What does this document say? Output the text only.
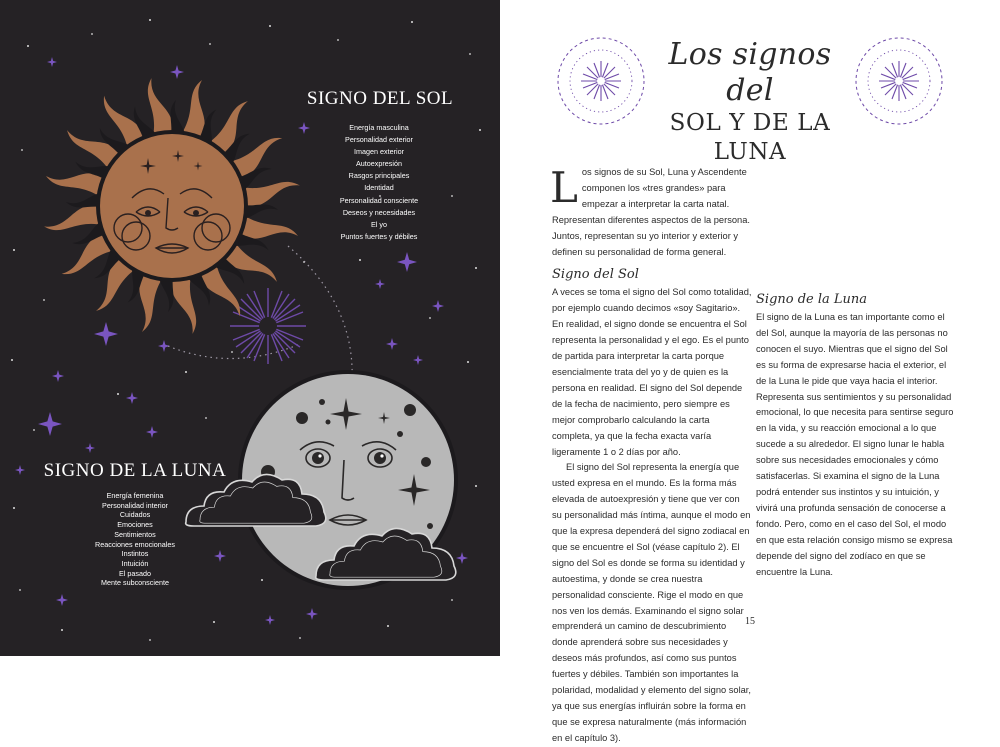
SIGNO DEL SOL
Energía masculina
Personalidad exterior
Imagen exterior
Autoexpresión
Rasgos principales
Identidad
Personalidad consciente
Deseos y necesidades
El yo
Puntos fuertes y débiles
SIGNO DE LA LUNA
Energía femenina
Personalidad interior
Cuidados
Emociones
Sentimientos
Reacciones emocionales
Instintos
Intuición
El pasado
Mente subconsciente
Los signos del
SOL Y DE LA
LUNA

Los signos de su Sol, Luna y Ascendente componen los «tres grandes» para empezar a interpretar la carta natal. Representan diferentes aspectos de la persona. Juntos, representan su yo interior y exterior y definen su personalidad de forma general.

Signo del Sol

A veces se toma el signo del Sol como totalidad, por ejemplo cuando decimos «soy Sagitario». En realidad, el signo donde se encuentra el Sol representa la personalidad y el ego. Es el punto de partida para interpretar la carta porque esencialmente trata del yo y de quien es la persona en realidad. El signo del Sol depende de la fecha de nacimiento, pero siempre es mejor comprobarlo calculando la carta completa, ya que la fecha exacta varía ligeramente 1 o 2 días por año.

El signo del Sol representa la energía que usted expresa en el mundo. Es la forma más elevada de autoexpresión y tiene que ver con su personalidad más íntima, aunque el modo en que la expresa dependerá del signo zodiacal en que se encuentre el Sol (véase capítulo 2). El signo del Sol es donde se forma su identidad y autoestima, y donde se crea nuestra personalidad consciente. Rige el modo en que nos ven los demás. Examinando el signo solar emprenderá un camino de descubrimiento donde aprenderá sobre sus necesidades y deseos más profundos, así como sus puntos fuertes y débiles. También son importantes la polaridad, modalidad y elemento del signo solar, ya que sus energías influirán sobre la forma en que se expresa naturalmente (más información en el capítulo 3).

Signo de la Luna

El signo de la Luna es tan importante como el del Sol, aunque la mayoría de las personas no conocen el suyo. Mientras que el signo del Sol es su forma de expresarse hacia el exterior, el de la Luna le pide que vaya hacia el interior. Representa sus sentimientos y su personalidad emocional, lo que necesita para sentirse seguro en la vida, y su reacción emocional a lo que sucede a su alrededor. El signo lunar le habla sobre sus necesidades emocionales y cómo satisfacerlas. Si examina el signo de la Luna podrá entender sus instintos y su intuición, y vivirá una profunda sensación de conocerse a fondo. Pero, como en el caso del Sol, el modo en que esta relación consigo mismo se expresa depende del signo del zodíaco en que se encuentre la Luna.

15
